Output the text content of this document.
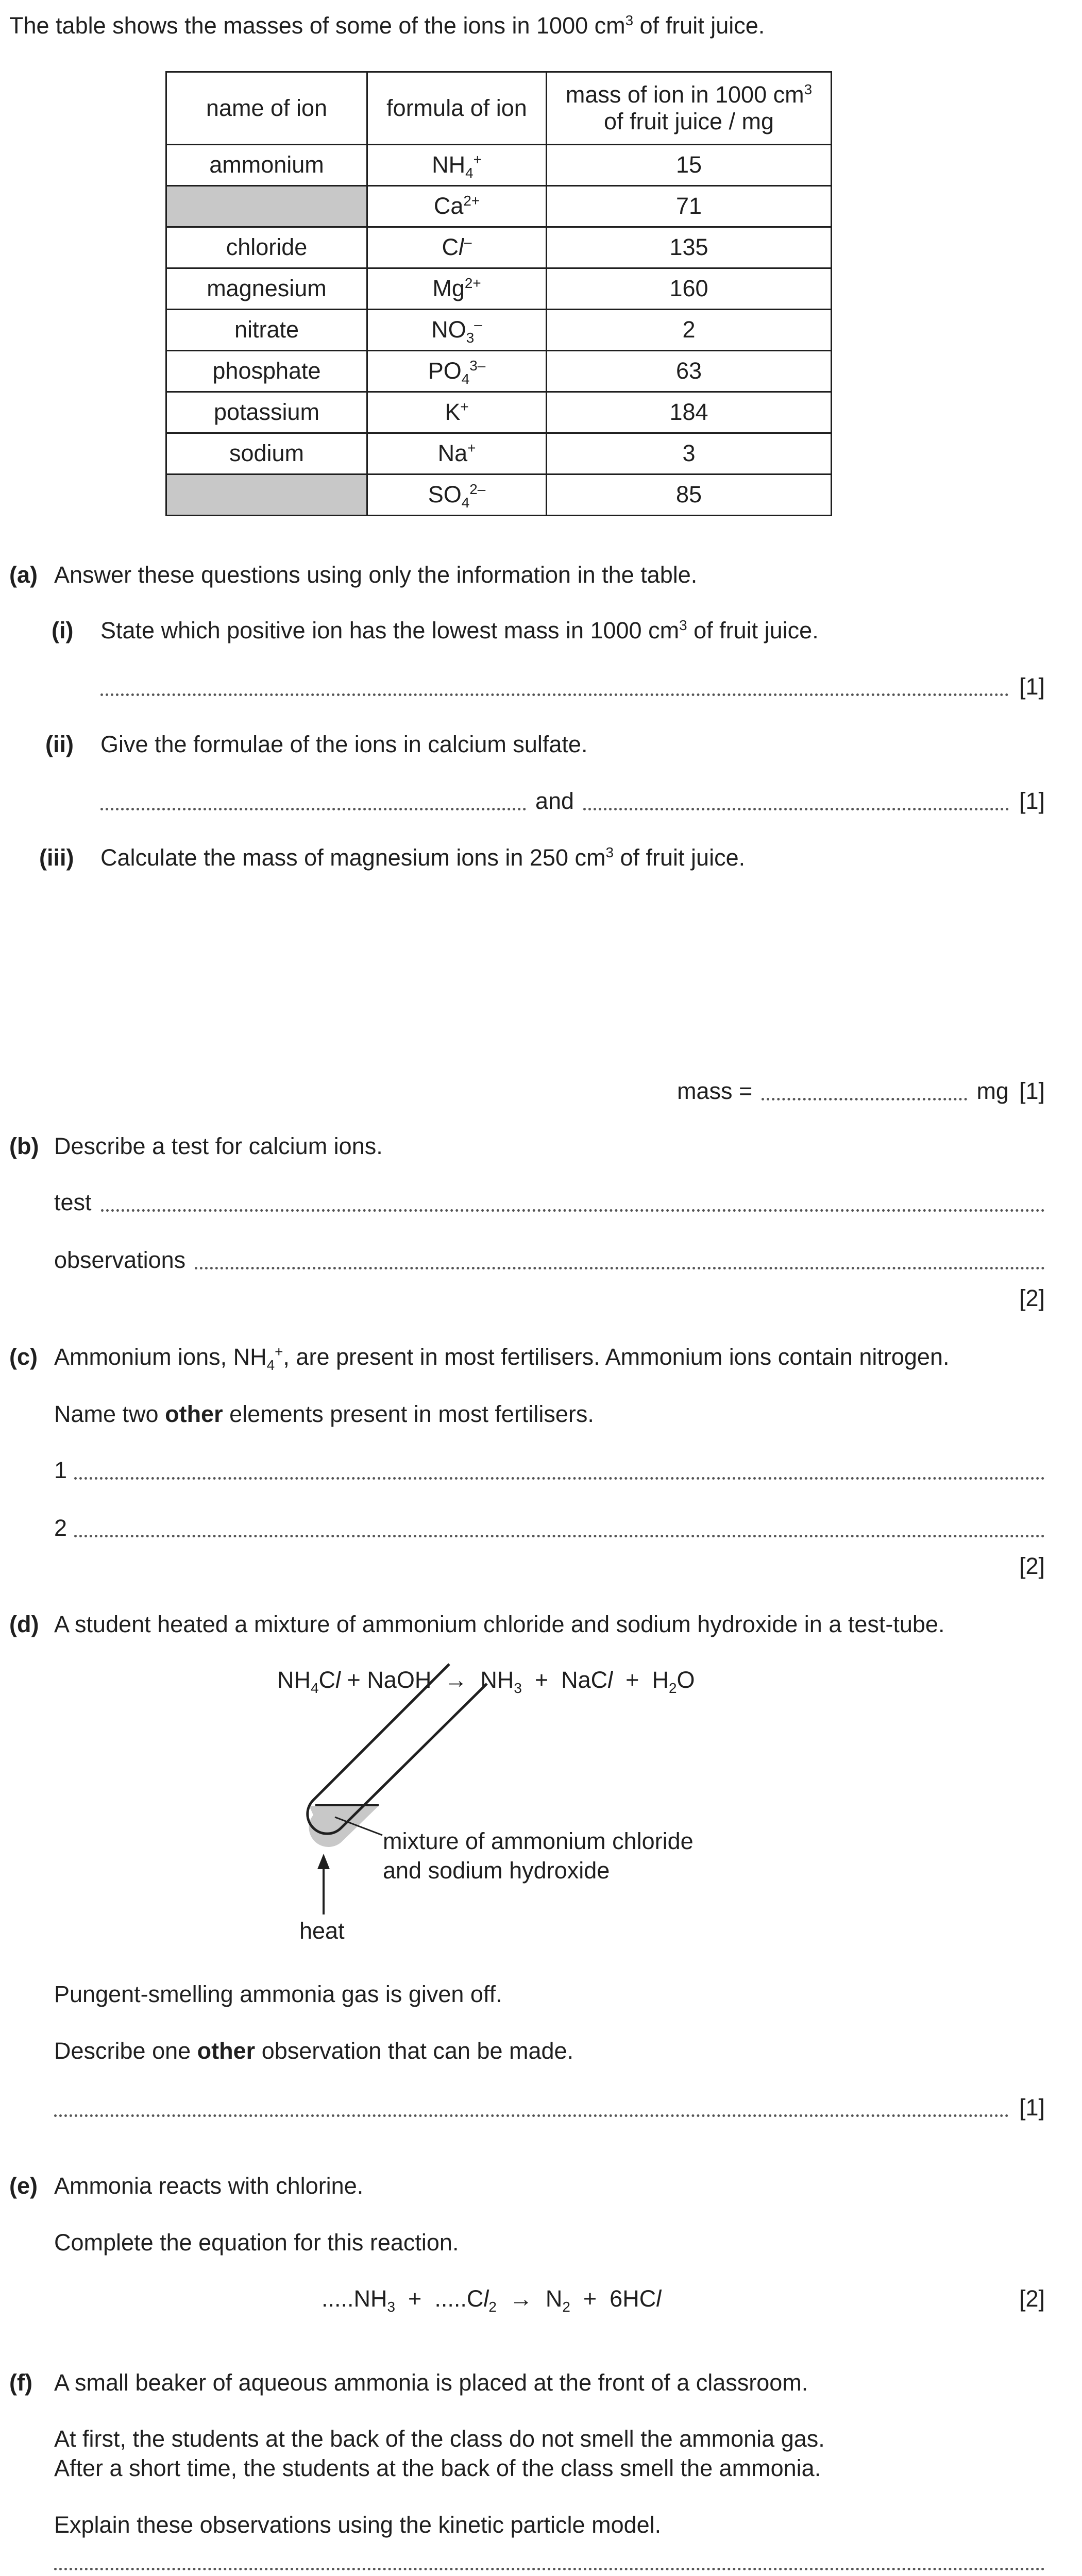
The table shows the masses of some of the ions in 1000 $cm^3$ of fruit juice.
name of ion	formula of ion	mass of ion in 1000 $cm^3$
of fruit juice / mg
ammonium	$NH_4^+$	15
	$Ca^{2+}$	71
chloride	Cl–	135
magnesium	$Mg^{2+}$	160
nitrate	$NO_3^-$	2
phosphate	$PO_4^{3-}$	63
potassium	K+	184
sodium	Na+	3
	$SO_4^{2-}$	85
(a) Answer these questions using only the information in the table.
(i) State which positive ion has the lowest mass in 1000 $cm^3$ of fruit juice.
[1]
(ii) Give the formulae of the ions in calcium sulfate.
and	[1]
(iii) Calculate the mass of magnesium ions in 250 $cm^3$ of fruit juice.
mass =	mg [1]
(b) Describe a test for calcium ions.
test
observations
[2]
(c) Ammonium ions, $NH_4^+$, are present in most fertilisers. Ammonium ions contain nitrogen.
Name two other elements present in most fertilisers.
1
2
[2]
(d) A student heated a mixture of ammonium chloride and sodium hydroxide in a test-tube.
$NH_4Cl$ + NaOH  →  $NH_3$  +  NaCl  +  $H_2O$
mixture of ammonium chloride
and sodium hydroxide
heat
Pungent-smelling ammonia gas is given off.
Describe one other observation that can be made.
[1]
(e) Ammonia reacts with chlorine.
Complete the equation for this reaction.
$.....NH_3 + .....Cl_2 \to N_2 + 6HCl$	[2]
(f) A small beaker of aqueous ammonia is placed at the front of a classroom.
At first, the students at the back of the class do not smell the ammonia gas.
After a short time, the students at the back of the class smell the ammonia.
Explain these observations using the kinetic particle model.
